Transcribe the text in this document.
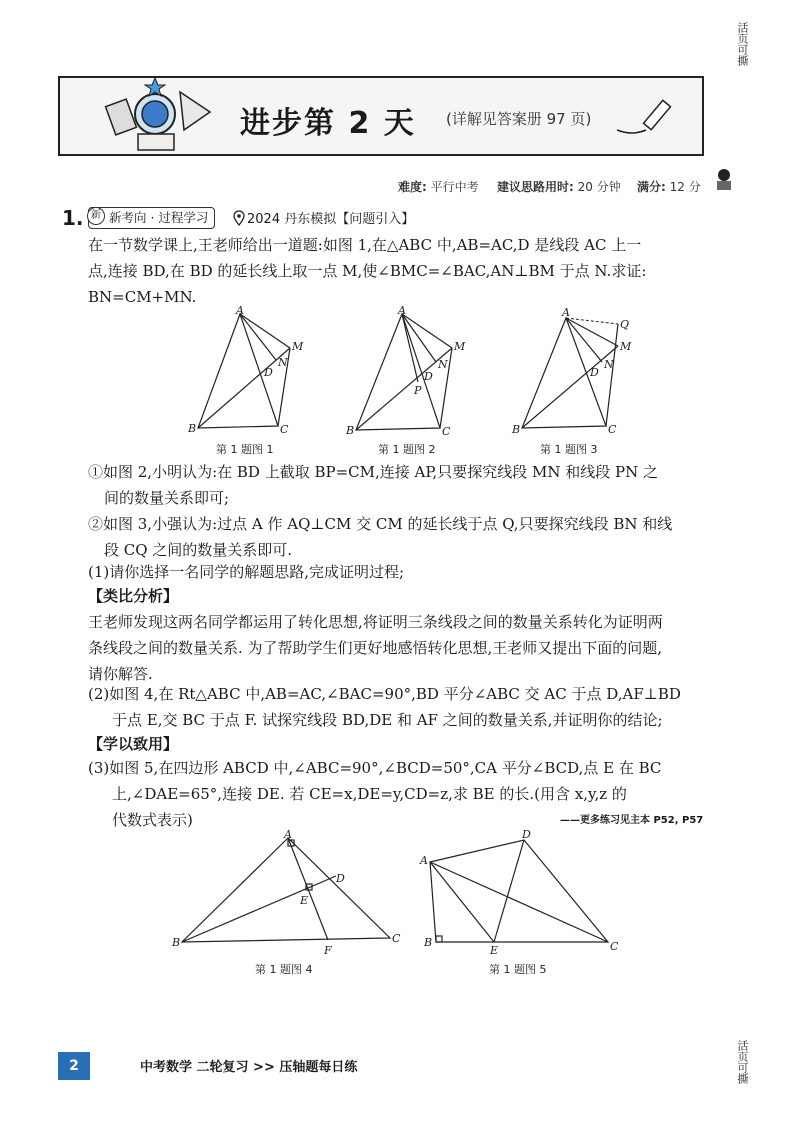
进步第 2 天 (详解见答案册 97 页)
难度: 平行中考 建议思路用时: 20 分钟 满分: 12 分
1.	新考向 · 过程学习
新	2024 丹东模拟【问题引入】
在一节数学课上,王老师给出一道题:如图 1,在△ABC 中,AB=AC,D 是线段 AC 上一
点,连接 BD,在 BD 的延长线上取一点 M,使∠BMC=∠BAC,AN⊥BM 于点 N.求证:
BN=CM+MN.
A
B	C
M
N
D
第 1 题图 1
A
B	C
M
N
D
P
第 1 题图 2
A
B	C
Q
M
N
D
第 1 题图 3
①如图 2,小明认为:在 BD 上截取 BP=CM,连接 AP,只要探究线段 MN 和线段 PN 之
间的数量关系即可;
②如图 3,小强认为:过点 A 作 AQ⊥CM 交 CM 的延长线于点 Q,只要探究线段 BN 和线
段 CQ 之间的数量关系即可.
(1)请你选择一名同学的解题思路,完成证明过程;
【类比分析】
王老师发现这两名同学都运用了转化思想,将证明三条线段之间的数量关系转化为证明两
条线段之间的数量关系. 为了帮助学生们更好地感悟转化思想,王老师又提出下面的问题,
请你解答.
(2)如图 4,在 Rt△ABC 中,AB=AC,∠BAC=90°,BD 平分∠ABC 交 AC 于点 D,AF⊥BD
于点 E,交 BC 于点 F. 试探究线段 BD,DE 和 AF 之间的数量关系,并证明你的结论;
【学以致用】
(3)如图 5,在四边形 ABCD 中,∠ABC=90°,∠BCD=50°,CA 平分∠BCD,点 E 在 BC
上,∠DAE=65°,连接 DE. 若 CE=x,DE=y,CD=z,求 BE 的长.(用含 x,y,z 的
代数式表示)	——更多练习见主本 P52, P57
A
B	C
D
E
F
第 1 题图 4
A
B	C
D
E
第 1 题图 5
2	中考数学 二轮复习 >> 压轴题每日练
活页可撕
活页可撕
